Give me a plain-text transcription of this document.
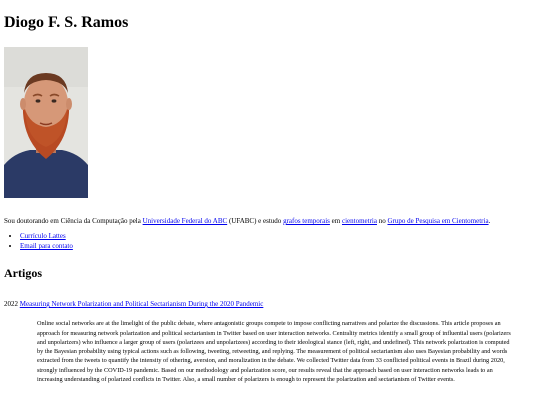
Diogo F. S. Ramos

Sou doutorando em Ciência da Computação pela Universidade Federal do ABC (UFABC) e estudo grafos temporais em cientometria no Grupo de Pesquisa em Cientometria.

• Currículo Lattes
• Email para contato
Artigos

2022 Measuring Network Polarization and Political Sectarianism During the 2020 Pandemic

Online social networks are at the limelight of the public debate, where antagonistic groups compete to impose conflicting narratives and polarize the discussions. This article proposes an approach for measuring network polarization and political sectarianism in Twitter based on user interaction networks. Centrality metrics identify a small group of influential users (polarizers and unpolarizers) who influence a larger group of users (polarizees and unpolarizees) according to their ideological stance (left, right, and undefined). This network polarization is computed by the Bayesian probability using typical actions such as following, tweeting, retweeting, and replying. The measurement of political sectarianism also uses Bayesian probability and words extracted from the tweets to quantify the intensity of othering, aversion, and moralization in the debate. We collected Twitter data from 33 conflicted political events in Brazil during 2020, strongly influenced by the COVID-19 pandemic. Based on our methodology and polarization score, our results reveal that the approach based on user interaction networks leads to an increasing understanding of polarized conflicts in Twitter. Also, a small number of polarizers is enough to represent the polarization and sectarianism of Twitter events.
